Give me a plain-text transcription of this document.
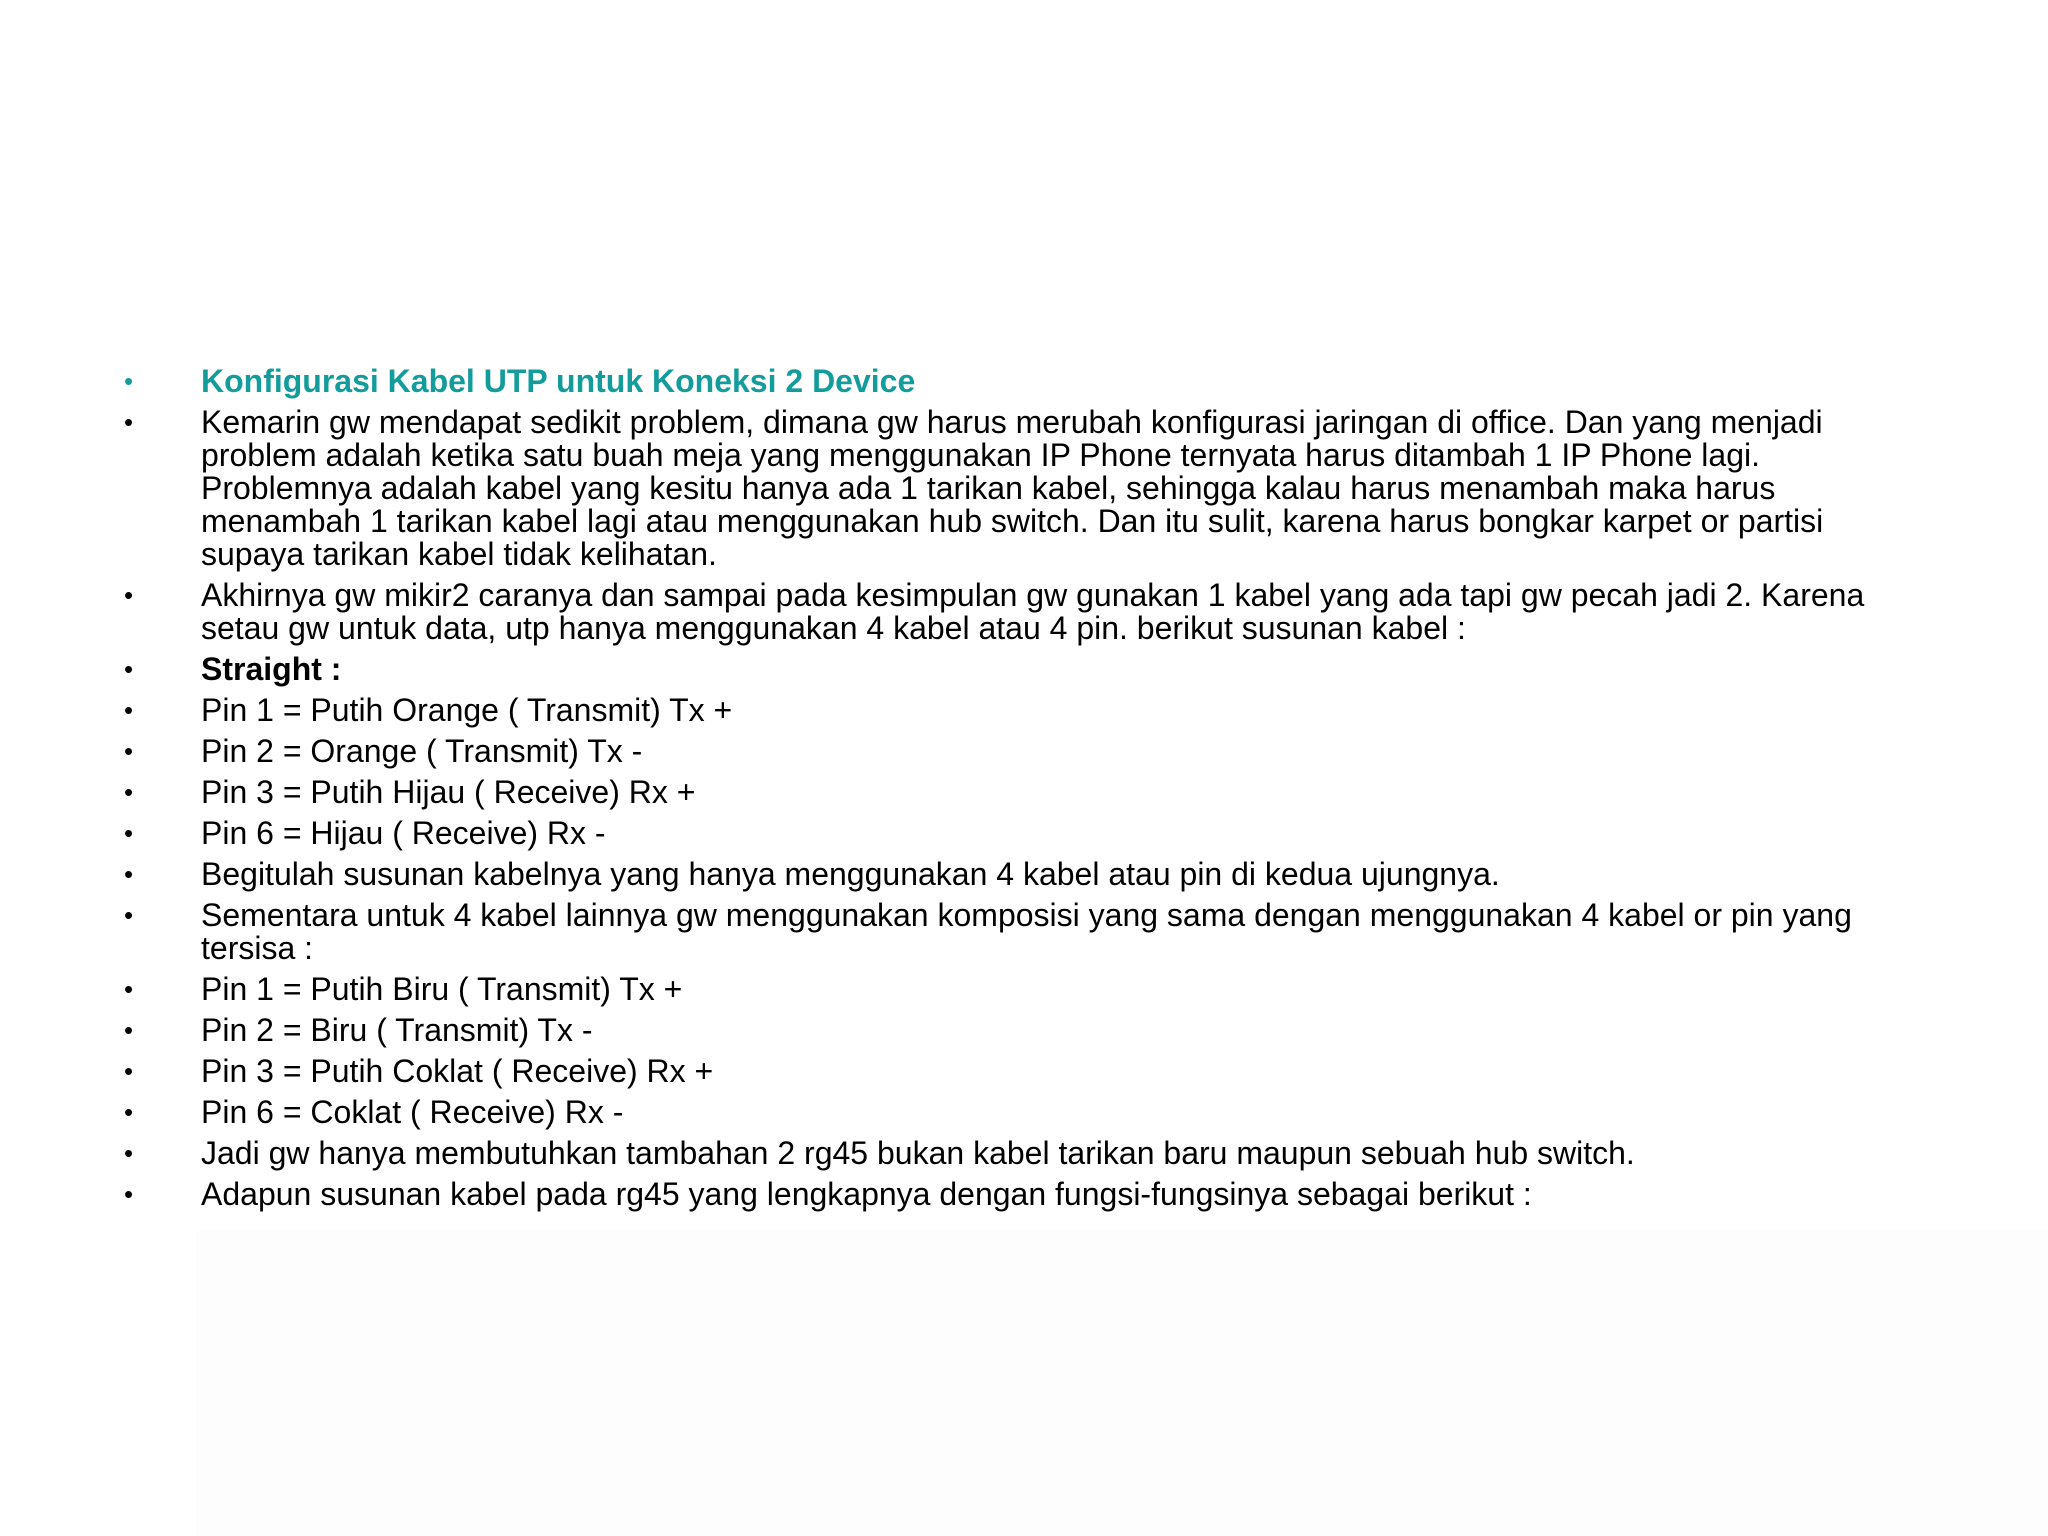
• Konfigurasi Kabel UTP untuk Koneksi 2 Device
• Kemarin gw mendapat sedikit problem, dimana gw harus merubah konfigurasi jaringan di office. Dan yang menjadi problem adalah ketika satu buah meja yang menggunakan IP Phone ternyata harus ditambah 1 IP Phone lagi. Problemnya adalah kabel yang kesitu hanya ada 1 tarikan kabel, sehingga kalau harus menambah maka harus menambah 1 tarikan kabel lagi atau menggunakan hub switch. Dan itu sulit, karena harus bongkar karpet or partisi supaya tarikan kabel tidak kelihatan.
• Akhirnya gw mikir2 caranya dan sampai pada kesimpulan gw gunakan 1 kabel yang ada tapi gw pecah jadi 2. Karena setau gw untuk data, utp hanya menggunakan 4 kabel atau 4 pin. berikut susunan kabel :
• Straight :
• Pin 1 = Putih Orange ( Transmit) Tx +
• Pin 2 = Orange ( Transmit) Tx -
• Pin 3 = Putih Hijau ( Receive) Rx +
• Pin 6 = Hijau ( Receive) Rx -
• Begitulah susunan kabelnya yang hanya menggunakan 4 kabel atau pin di kedua ujungnya.
• Sementara untuk 4 kabel lainnya gw menggunakan komposisi yang sama dengan menggunakan 4 kabel or pin yang tersisa :
• Pin 1 = Putih Biru ( Transmit) Tx +
• Pin 2 = Biru ( Transmit) Tx -
• Pin 3 = Putih Coklat ( Receive) Rx +
• Pin 6 = Coklat ( Receive) Rx -
• Jadi gw hanya membutuhkan tambahan 2 rg45 bukan kabel tarikan baru maupun sebuah hub switch.
• Adapun susunan kabel pada rg45 yang lengkapnya dengan fungsi-fungsinya sebagai berikut :
